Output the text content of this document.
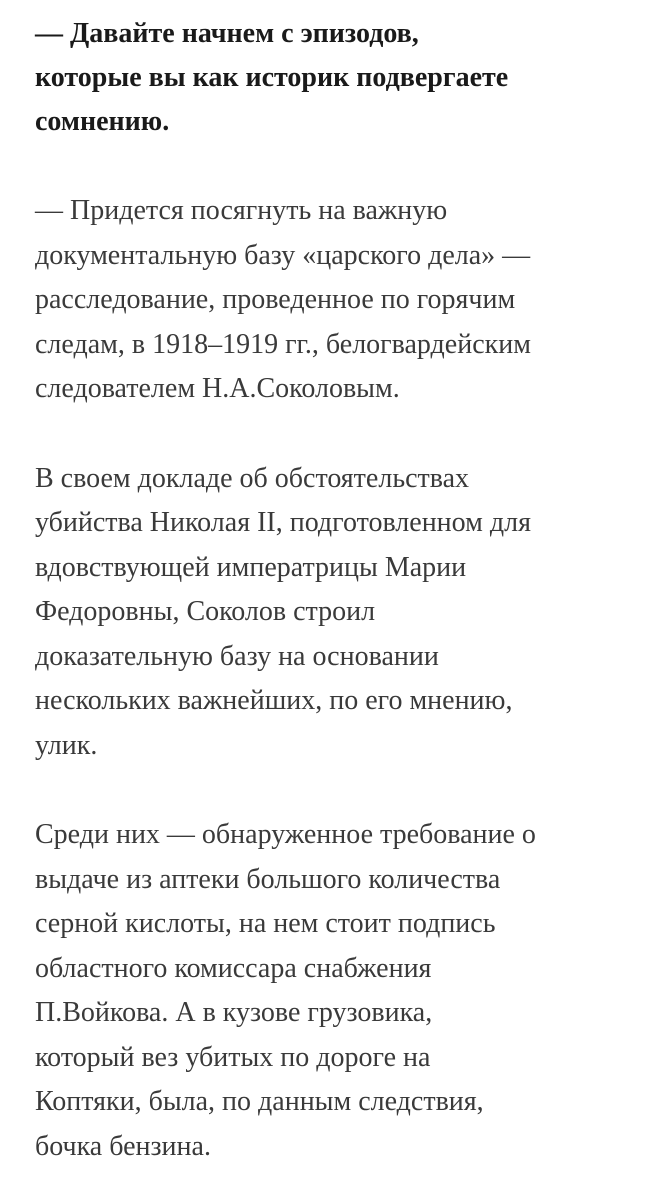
— Давайте начнем с эпизодов,
которые вы как историк подвергаете
сомнению.

— Придется посягнуть на важную
документальную базу «царского дела» —
расследование, проведенное по горячим
следам, в 1918–1919 гг., белогвардейским
следователем Н.А.Соколовым.

В своем докладе об обстоятельствах
убийства Николая II, подготовленном для
вдовствующей императрицы Марии
Федоровны, Соколов строил
доказательную базу на основании
нескольких важнейших, по его мнению,
улик.

Среди них — обнаруженное требование о
выдаче из аптеки большого количества
серной кислоты, на нем стоит подпись
областного комиссара снабжения
П.Войкова. А в кузове грузовика,
который вез убитых по дороге на
Коптяки, была, по данным следствия,
бочка бензина.
